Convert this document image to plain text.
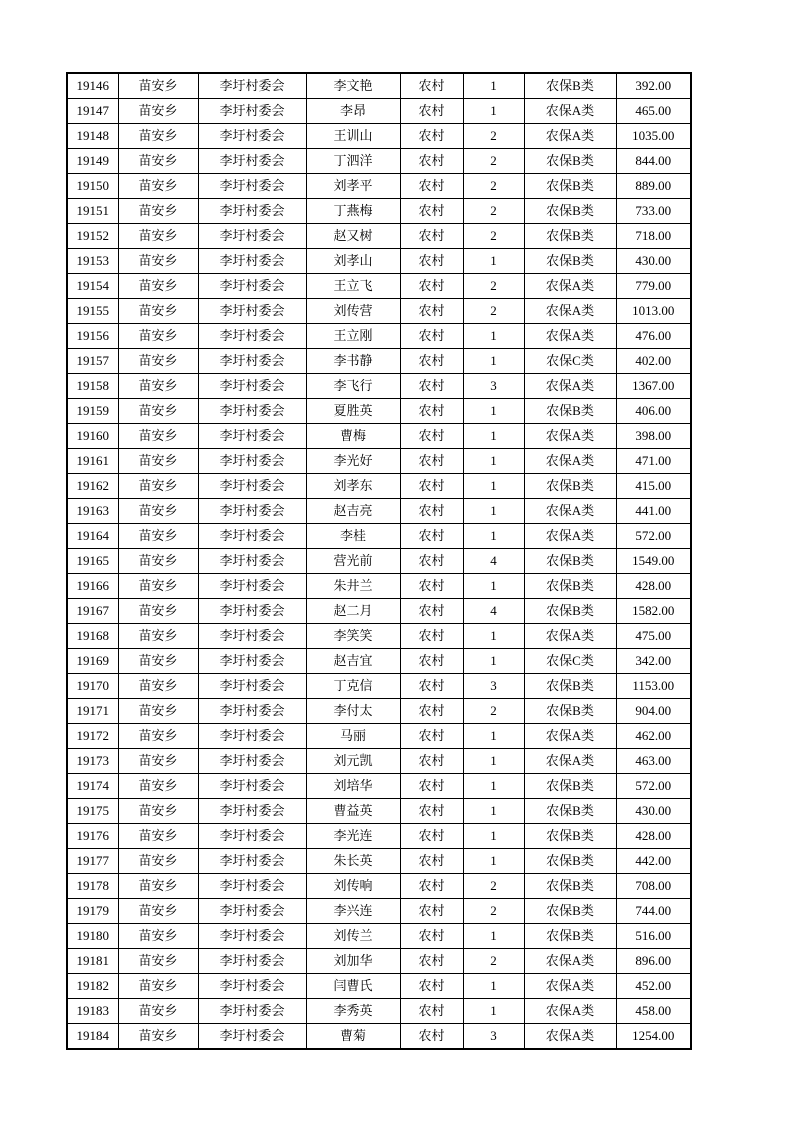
19146	苗安乡	李圩村委会	李文艳	农村	1	农保B类	392.00
19147	苗安乡	李圩村委会	李昂	农村	1	农保A类	465.00
19148	苗安乡	李圩村委会	王训山	农村	2	农保A类	1035.00
19149	苗安乡	李圩村委会	丁泗洋	农村	2	农保B类	844.00
19150	苗安乡	李圩村委会	刘孝平	农村	2	农保B类	889.00
19151	苗安乡	李圩村委会	丁燕梅	农村	2	农保B类	733.00
19152	苗安乡	李圩村委会	赵又树	农村	2	农保B类	718.00
19153	苗安乡	李圩村委会	刘孝山	农村	1	农保B类	430.00
19154	苗安乡	李圩村委会	王立飞	农村	2	农保A类	779.00
19155	苗安乡	李圩村委会	刘传营	农村	2	农保A类	1013.00
19156	苗安乡	李圩村委会	王立刚	农村	1	农保A类	476.00
19157	苗安乡	李圩村委会	李书静	农村	1	农保C类	402.00
19158	苗安乡	李圩村委会	李飞行	农村	3	农保A类	1367.00
19159	苗安乡	李圩村委会	夏胜英	农村	1	农保B类	406.00
19160	苗安乡	李圩村委会	曹梅	农村	1	农保A类	398.00
19161	苗安乡	李圩村委会	李光好	农村	1	农保A类	471.00
19162	苗安乡	李圩村委会	刘孝东	农村	1	农保B类	415.00
19163	苗安乡	李圩村委会	赵吉亮	农村	1	农保A类	441.00
19164	苗安乡	李圩村委会	李桂	农村	1	农保A类	572.00
19165	苗安乡	李圩村委会	营光前	农村	4	农保B类	1549.00
19166	苗安乡	李圩村委会	朱井兰	农村	1	农保B类	428.00
19167	苗安乡	李圩村委会	赵二月	农村	4	农保B类	1582.00
19168	苗安乡	李圩村委会	李笑笑	农村	1	农保A类	475.00
19169	苗安乡	李圩村委会	赵吉宜	农村	1	农保C类	342.00
19170	苗安乡	李圩村委会	丁克信	农村	3	农保B类	1153.00
19171	苗安乡	李圩村委会	李付太	农村	2	农保B类	904.00
19172	苗安乡	李圩村委会	马丽	农村	1	农保A类	462.00
19173	苗安乡	李圩村委会	刘元凯	农村	1	农保A类	463.00
19174	苗安乡	李圩村委会	刘培华	农村	1	农保B类	572.00
19175	苗安乡	李圩村委会	曹益英	农村	1	农保B类	430.00
19176	苗安乡	李圩村委会	李光连	农村	1	农保B类	428.00
19177	苗安乡	李圩村委会	朱长英	农村	1	农保B类	442.00
19178	苗安乡	李圩村委会	刘传响	农村	2	农保B类	708.00
19179	苗安乡	李圩村委会	李兴连	农村	2	农保B类	744.00
19180	苗安乡	李圩村委会	刘传兰	农村	1	农保B类	516.00
19181	苗安乡	李圩村委会	刘加华	农村	2	农保A类	896.00
19182	苗安乡	李圩村委会	闫曹氏	农村	1	农保A类	452.00
19183	苗安乡	李圩村委会	李秀英	农村	1	农保A类	458.00
19184	苗安乡	李圩村委会	曹菊	农村	3	农保A类	1254.00
